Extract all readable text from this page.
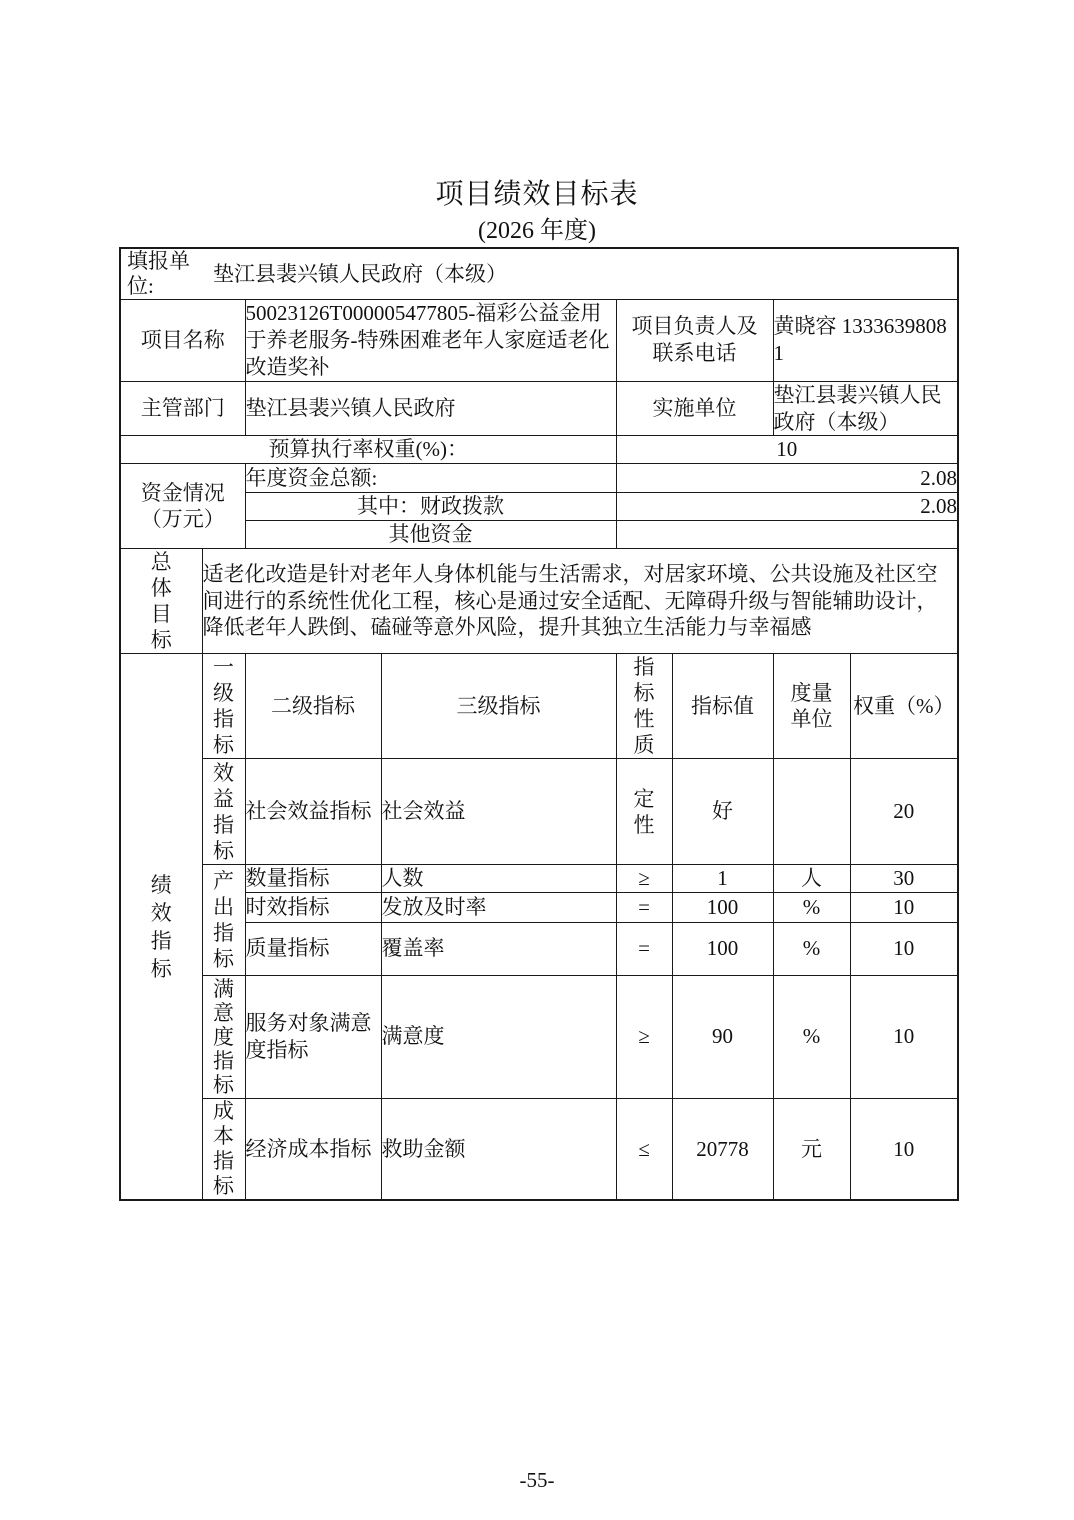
项目绩效目标表
(2026 年度)
填报单位:
垫江县裴兴镇人民政府（本级）							

项目名称		50023126T000005477805-福彩公益金用于养老服务-特殊困难老年人家庭适老化改造奖补		项目负责人及联系电话		黄晓容 13336398081	
主管部门		垫江县裴兴镇人民政府		实施单位		垫江县裴兴镇人民政府（本级）	
预算执行率权重(%)：				10			

资金情况（万元）		年度资金总额:		2.08			
		其中：财政拨款		2.08			
		其他资金					

总体目标	适老化改造是针对老年人身体机能与生活需求，对居家环境、公共设施及社区空间进行的系统性优化工程，核心是通过安全适配、无障碍升级与智能辅助设计，降低老年人跌倒、磕碰等意外风险，提升其独立生活能力与幸福感						

绩效指标	一级指标	二级指标	三级指标	指标性质	指标值	度量单位	权重（%）

	效益指标	社会效益指标	社会效益	定性	好		20

	产出指标	数量指标	人数	≥	1	人	30
		时效指标	发放及时率	=	100	%	10
		质量指标	覆盖率	=	100	%	10

	满意度指标	服务对象满意度指标	满意度	≥	90	%	10

	成本指标	经济成本指标	救助金额	≤	20778	元	10
-55-
